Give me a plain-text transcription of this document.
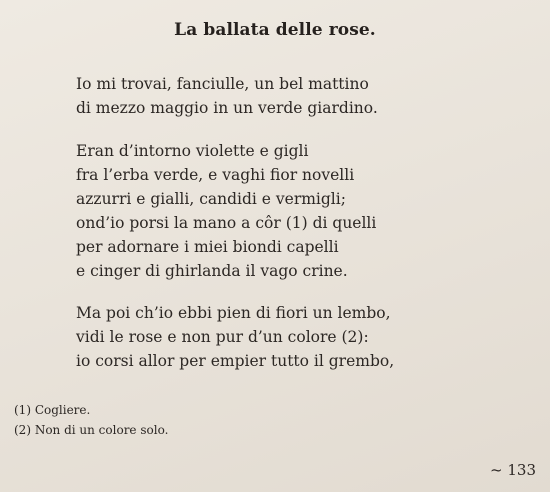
La ballata delle rose.
Io mi trovai, fanciulle, un bel mattino
di mezzo maggio in un verde giardino.
Eran d’intorno violette e gigli
fra l’erba verde, e vaghi fior novelli
azzurri e gialli, candidi e vermigli;
ond’io porsi la mano a côr (1) di quelli
per adornare i miei biondi capelli
e cinger di ghirlanda il vago crine.
Ma poi ch’io ebbi pien di fiori un lembo,
vidi le rose e non pur d’un colore (2):
io corsi allor per empier tutto il grembo,
(1) Cogliere.
(2) Non di un colore solo.
~ 133
